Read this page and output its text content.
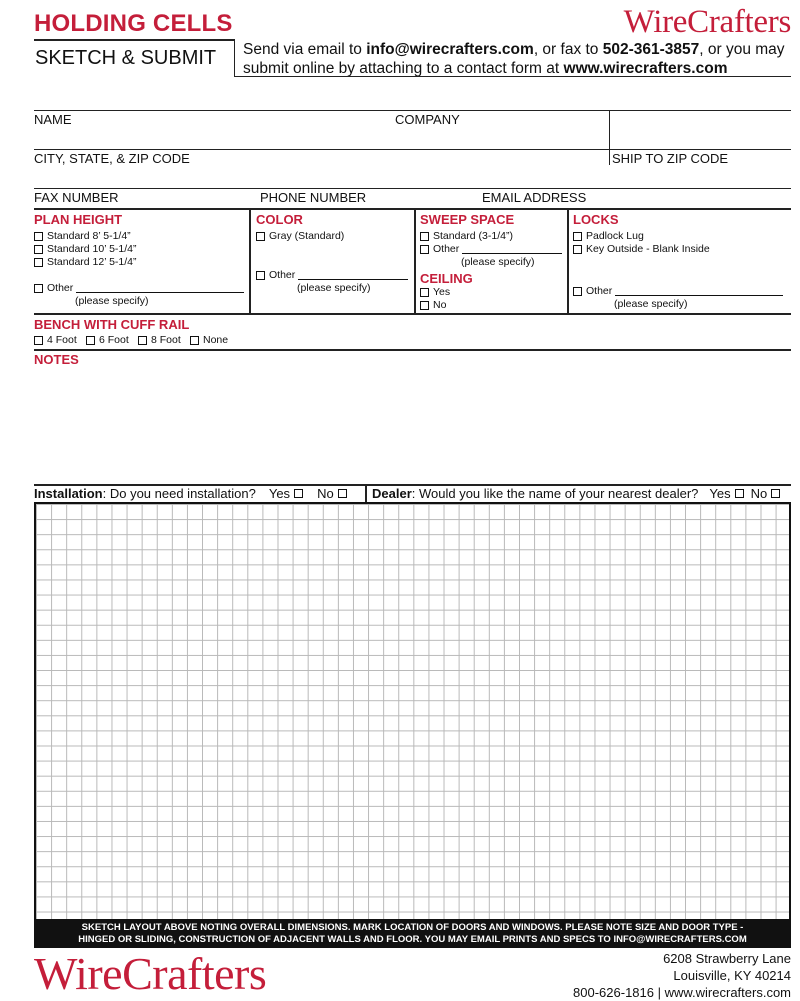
HOLDING CELLS	WireCrafters
SKETCH & SUBMIT Send via email to info@wirecrafters.com, or fax to 502-361-3857, or you may submit online by attaching to a contact form at www.wirecrafters.com
NAME	COMPANY
CITY, STATE, & ZIP CODE	SHIP TO ZIP CODE
FAX NUMBER	PHONE NUMBER	EMAIL ADDRESS
PLAN HEIGHT
Standard 8’ 5-1/4”
Standard 10’ 5-1/4”
Standard 12’ 5-1/4”
Other
(please specify)
COLOR
Gray (Standard)
Other
(please specify)
SWEEP SPACE
Standard (3-1/4”)
Other
(please specify)
CEILING
Yes
No
LOCKS
Padlock Lug
Key Outside - Blank Inside
Other
(please specify)
BENCH WITH CUFF RAIL
4 Foot 6 Foot 8 Foot None
NOTES
Installation : Do you need installation? Yes No	Dealer : Would you like the name of your nearest dealer? Yes No
SKETCH LAYOUT ABOVE NOTING OVERALL DIMENSIONS. MARK LOCATION OF DOORS AND WINDOWS. PLEASE NOTE SIZE AND DOOR TYPE -
HINGED OR SLIDING, CONSTRUCTION OF ADJACENT WALLS AND FLOOR. YOU MAY EMAIL PRINTS AND SPECS TO INFO@WIRECRAFTERS.COM
WireCrafters	6208 Strawberry Lane
Louisville, KY 40214
800-626-1816 | www.wirecrafters.com
